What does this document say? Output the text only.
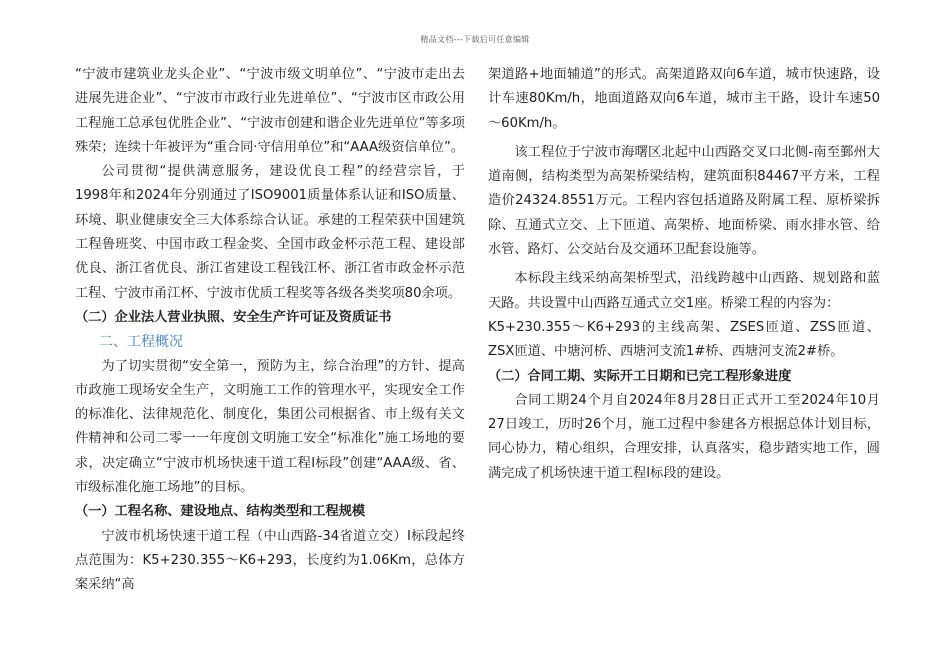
精品文档---下载后可任意编辑

“宁波市建筑业龙头企业”、“宁波市级文明单位”、“宁波市走出去进展先进企业”、“宁波市市政行业先进单位”、“宁波市区市政公用工程施工总承包优胜企业”、“宁波市创建和谐企业先进单位”等多项殊荣；连续十年被评为“重合同·守信用单位”和“AAA级资信单位”。

公司贯彻“提供满意服务，建设优良工程”的经营宗旨，于1998年和2024年分别通过了ISO9001质量体系认证和ISO质量、环境、职业健康安全三大体系综合认证。承建的工程荣获中国建筑工程鲁班奖、中国市政工程金奖、全国市政金杯示范工程、建设部优良、浙江省优良、浙江省建设工程钱江杯、浙江省市政金杯示范工程、宁波市甬江杯、宁波市优质工程奖等各级各类奖项80余项。

（二）企业法人营业执照、安全生产许可证及资质证书

二、工程概况

为了切实贯彻“安全第一，预防为主，综合治理”的方针、提高市政施工现场安全生产，文明施工工作的管理水平，实现安全工作的标准化、法律规范化、制度化，集团公司根据省、市上级有关文件精神和公司二零一一年度创文明施工安全“标准化”施工场地的要求，决定确立“宁波市机场快速干道工程Ⅰ标段”创建“AAA级、省、市级标准化施工场地”的目标。

（一）工程名称、建设地点、结构类型和工程规模

宁波市机场快速干道工程（中山西路-34省道立交）Ⅰ标段起终点范围为：K5+230.355～K6+293，长度约为1.06Km，总体方案采纳“高

架道路+地面辅道”的形式。高架道路双向6车道，城市快速路，设计车速80Km/h，地面道路双向6车道，城市主干路，设计车速50～60Km/h。

该工程位于宁波市海曙区北起中山西路交叉口北侧-南至鄞州大道南侧，结构类型为高架桥梁结构，建筑面积84467平方米，工程造价24324.8551万元。工程内容包括道路及附属工程、原桥梁拆除、互通式立交、上下匝道、高架桥、地面桥梁、雨水排水管、给水管、路灯、公交站台及交通环卫配套设施等。

本标段主线采纳高架桥型式，沿线跨越中山西路、规划路和蓝天路。共设置中山西路互通式立交1座。桥梁工程的内容为：

K5+230.355～K6+293的主线高架、ZSES匝道、ZSS匝道、ZSX匝道、中塘河桥、西塘河支流1#桥、西塘河支流2#桥。

（二）合同工期、实际开工日期和已完工程形象进度

合同工期24个月自2024年8月28日正式开工至2024年10月27日竣工，历时26个月，施工过程中参建各方根据总体计划目标，同心协力，精心组织，合理安排，认真落实，稳步踏实地工作，圆满完成了机场快速干道工程Ⅰ标段的建设。
